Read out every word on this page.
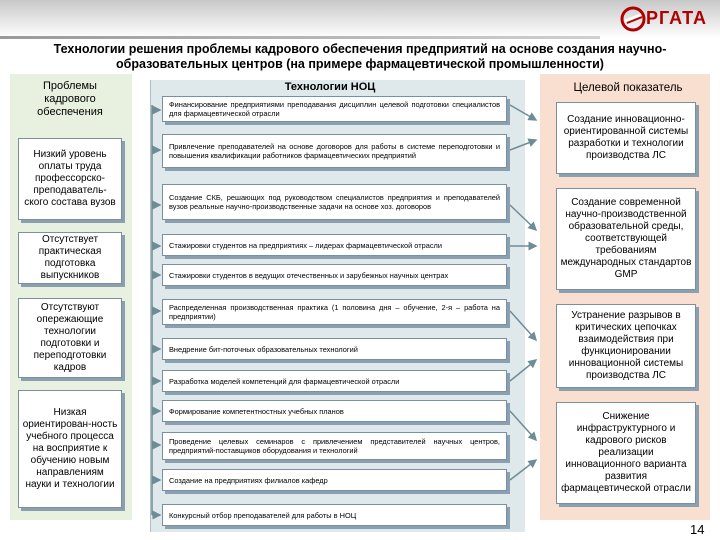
РГАТА
Технологии решения проблемы кадрового обеспечения предприятий на основе создания научно-образовательных центров (на примере фармацевтической промышленности)
Проблемы кадрового обеспечения
Технологии НОЦ	Целевой показатель
Низкий уровень оплаты труда профессорско-преподаватель-ского состава вузов
Отсутствует практическая подготовка выпускников
Отсутствуют опережающие технологии подготовки и переподготовки кадров
Низкая ориентирован-ность учебного процесса на восприятие к обучению новым направлениям науки и технологии
Финансирование предприятиями преподавания дисциплин целевой подготовки специалистов для фармацевтической отрасли
Привлечение преподавателей на основе договоров для работы в системе переподготовки и повышения квалификации работников фармацевтических предприятий
Создание СКБ, решающих под руководством специалистов предприятия и преподавателей вузов реальные научно-производственные задачи на основе хоз. договоров
Стажировки студентов на предприятиях – лидерах фармацевтической отрасли
Стажировки студентов в ведущих отечественных и зарубежных научных центрах
Распределенная производственная практика (1 половина дня – обучение, 2-я – работа на предприятии)
Внедрение бит-поточных образовательных технологий
Разработка моделей компетенций для фармацевтической отрасли
Формирование компетентностных учебных планов
Проведение целевых семинаров с привлечением представителей научных центров, предприятий-поставщиков оборудования и технологий
Создание на предприятиях филиалов кафедр
Конкурсный отбор преподавателей для работы в НОЦ
Создание инновационно-ориентированной системы разработки и технологии производства ЛС
Создание современной научно-производственной образовательной среды, соответствующей требованиям международных стандартов GMP
Устранение разрывов в критических цепочках взаимодействия при функционировании инновационной системы производства ЛС
Снижение инфраструктурного и кадрового рисков реализации инновационного варианта развития фармацевтической отрасли
14
